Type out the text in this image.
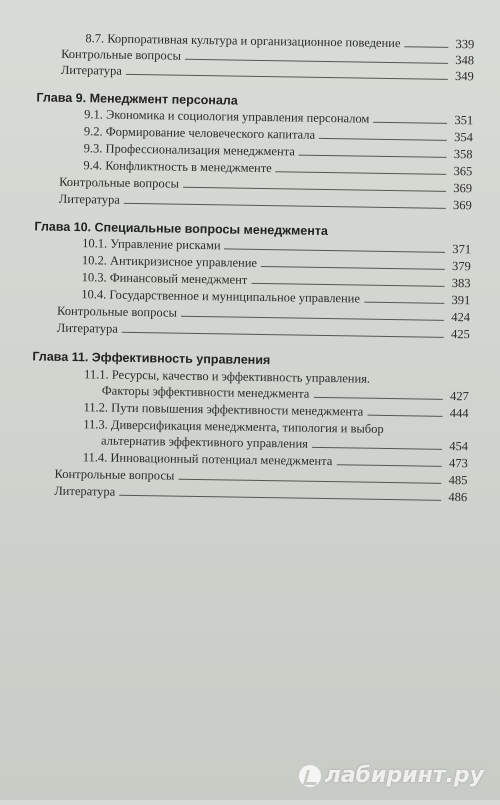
8.7. Корпоративная культура и организационное поведение	339
Контрольные вопросы	348
Литература	349
Глава 9. Менеджмент персонала
9.1. Экономика и социология управления персоналом	351
9.2. Формирование человеческого капитала	354
9.3. Профессионализация менеджмента	358
9.4. Конфликтность в менеджменте	365
Контрольные вопросы	369
Литература	369
Глава 10. Специальные вопросы менеджмента
10.1. Управление рисками	371
10.2. Антикризисное управление	379
10.3. Финансовый менеджмент	383
10.4. Государственное и муниципальное управление	391
Контрольные вопросы	424
Литература	425
Глава 11. Эффективность управления
11.1. Ресурсы, качество и эффективность управления.
Факторы эффективности менеджмента	427
11.2. Пути повышения эффективности менеджмента	444
11.3. Диверсификация менеджмента, типология и выбор
альтернатив эффективного управления	454
11.4. Инновационный потенциал менеджмента	473
Контрольные вопросы	485
Литература	486
лабиринт.ру
